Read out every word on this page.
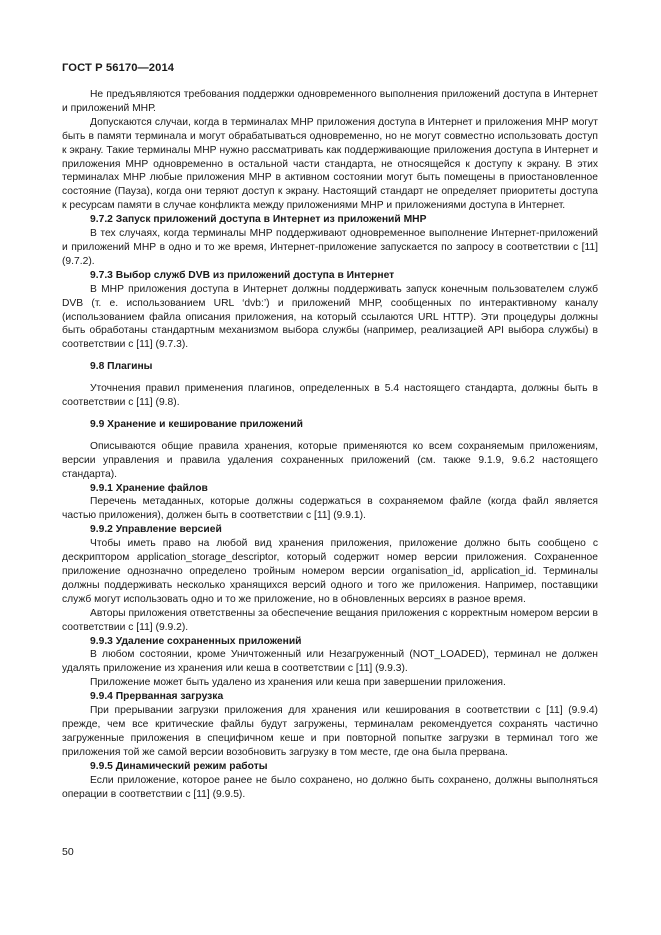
ГОСТ Р 56170—2014

Не предъявляются требования поддержки одновременного выполнения приложений доступа в Интернет и приложений МНР.

Допускаются случаи, когда в терминалах МНР приложения доступа в Интернет и приложения МНР могут быть в памяти терминала и могут обрабатываться одновременно, но не могут совместно использовать доступ к экрану. Такие терминалы МНР нужно рассматривать как поддерживающие приложения доступа в Интернет и приложения МНР одновременно в остальной части стандарта, не относящейся к доступу к экрану. В этих терминалах МНР любые приложения МНР в активном состоянии могут быть помещены в приостановленное состояние (Пауза), когда они теряют доступ к экрану. Настоящий стандарт не определяет приоритеты доступа к ресурсам памяти в случае конфликта между приложениями МНР и приложениями доступа в Интернет.

9.7.2 Запуск приложений доступа в Интернет из приложений МНР

В тех случаях, когда терминалы МНР поддерживают одновременное выполнение Интернет-приложений и приложений МНР в одно и то же время, Интернет-приложение запускается по запросу в соответствии с [11] (9.7.2).

9.7.3 Выбор служб DVB из приложений доступа в Интернет

В МНР приложения доступа в Интернет должны поддерживать запуск конечным пользователем служб DVB (т. е. использованием URL ‘dvb:’) и приложений МНР, сообщенных по интерактивному каналу (использованием файла описания приложения, на который ссылаются URL HTTP). Эти процедуры должны быть обработаны стандартным механизмом выбора службы (например, реализацией API выбора службы) в соответствии с [11] (9.7.3).

9.8 Плагины

Уточнения правил применения плагинов, определенных в 5.4 настоящего стандарта, должны быть в соответствии с [11] (9.8).

9.9 Хранение и кеширование приложений

Описываются общие правила хранения, которые применяются ко всем сохраняемым приложениям, версии управления и правила удаления сохраненных приложений (см. также 9.1.9, 9.6.2 настоящего стандарта).

9.9.1 Хранение файлов

Перечень метаданных, которые должны содержаться в сохраняемом файле (когда файл является частью приложения), должен быть в соответствии с [11] (9.9.1).

9.9.2 Управление версией

Чтобы иметь право на любой вид хранения приложения, приложение должно быть сообщено с дескриптором application_storage_descriptor, который содержит номер версии приложения. Сохраненное приложение однозначно определено тройным номером версии organisation_id, application_id. Терминалы должны поддерживать несколько хранящихся версий одного и того же приложения. Например, поставщики служб могут использовать одно и то же приложение, но в обновленных версиях в разное время.

Авторы приложения ответственны за обеспечение вещания приложения с корректным номером версии в соответствии с [11] (9.9.2).

9.9.3 Удаление сохраненных приложений

В любом состоянии, кроме Уничтоженный или Незагруженный (NOT_LOADED), терминал не должен удалять приложение из хранения или кеша в соответствии с [11] (9.9.3).

Приложение может быть удалено из хранения или кеша при завершении приложения.

9.9.4 Прерванная загрузка

При прерывании загрузки приложения для хранения или кеширования в соответствии с [11] (9.9.4) прежде, чем все критические файлы будут загружены, терминалам рекомендуется сохранять частично загруженные приложения в специфичном кеше и при повторной попытке загрузки в терминал того же приложения той же самой версии возобновить загрузку в том месте, где она была прервана.

9.9.5 Динамический режим работы

Если приложение, которое ранее не было сохранено, но должно быть сохранено, должны выполняться операции в соответствии с [11] (9.9.5).

50
